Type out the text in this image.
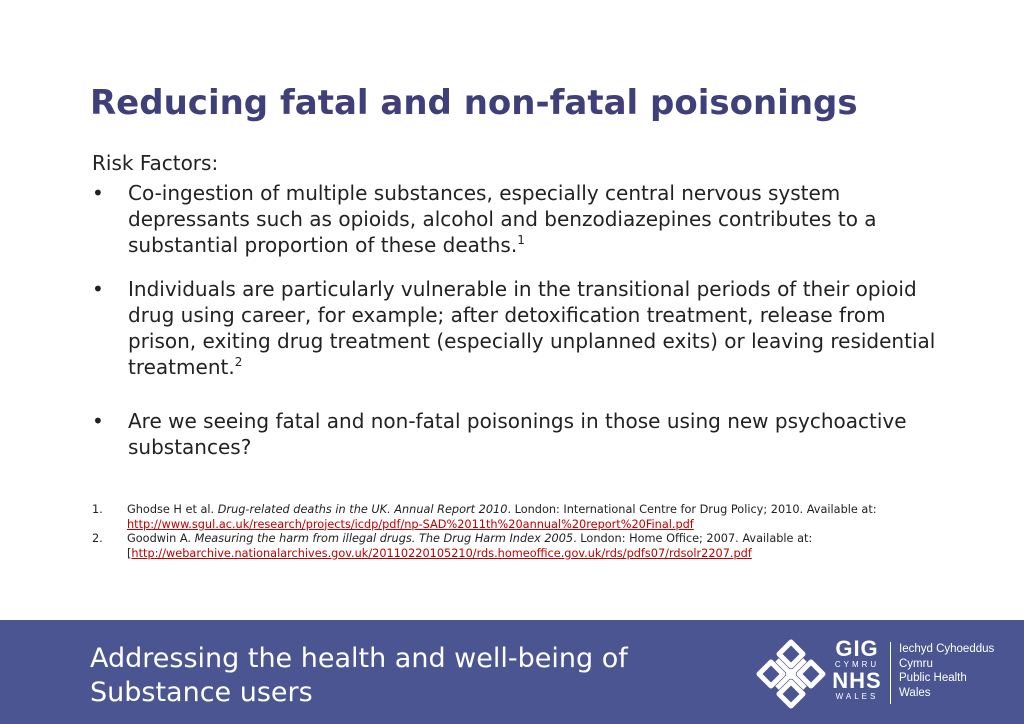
Reducing fatal and non-fatal poisonings

Risk Factors:

• Co-ingestion of multiple substances, especially central nervous system depressants such as opioids, alcohol and benzodiazepines contributes to a substantial proportion of these deaths.$^1$

• Individuals are particularly vulnerable in the transitional periods of their opioid drug using career, for example; after detoxification treatment, release from prison, exiting drug treatment (especially unplanned exits) or leaving residential treatment.$^2$

• Are we seeing fatal and non-fatal poisonings in those using new psychoactive substances?

1. Ghodse H et al. Drug-related deaths in the UK. Annual Report 2010. London: International Centre for Drug Policy; 2010. Available at: http://www.sgul.ac.uk/research/projects/icdp/pdf/np-SAD%2011th%20annual%20report%20Final.pdf
2. Goodwin A. Measuring the harm from illegal drugs. The Drug Harm Index 2005. London: Home Office; 2007. Available at: [http://webarchive.nationalarchives.gov.uk/20110220105210/rds.homeoffice.gov.uk/rds/pdfs07/rdsolr2207.pdf
Addressing the health and well-being of
Substance users
GIG
CYMRU
NHS
WALES
Iechyd Cyhoeddus
Cymru
Public Health
Wales
